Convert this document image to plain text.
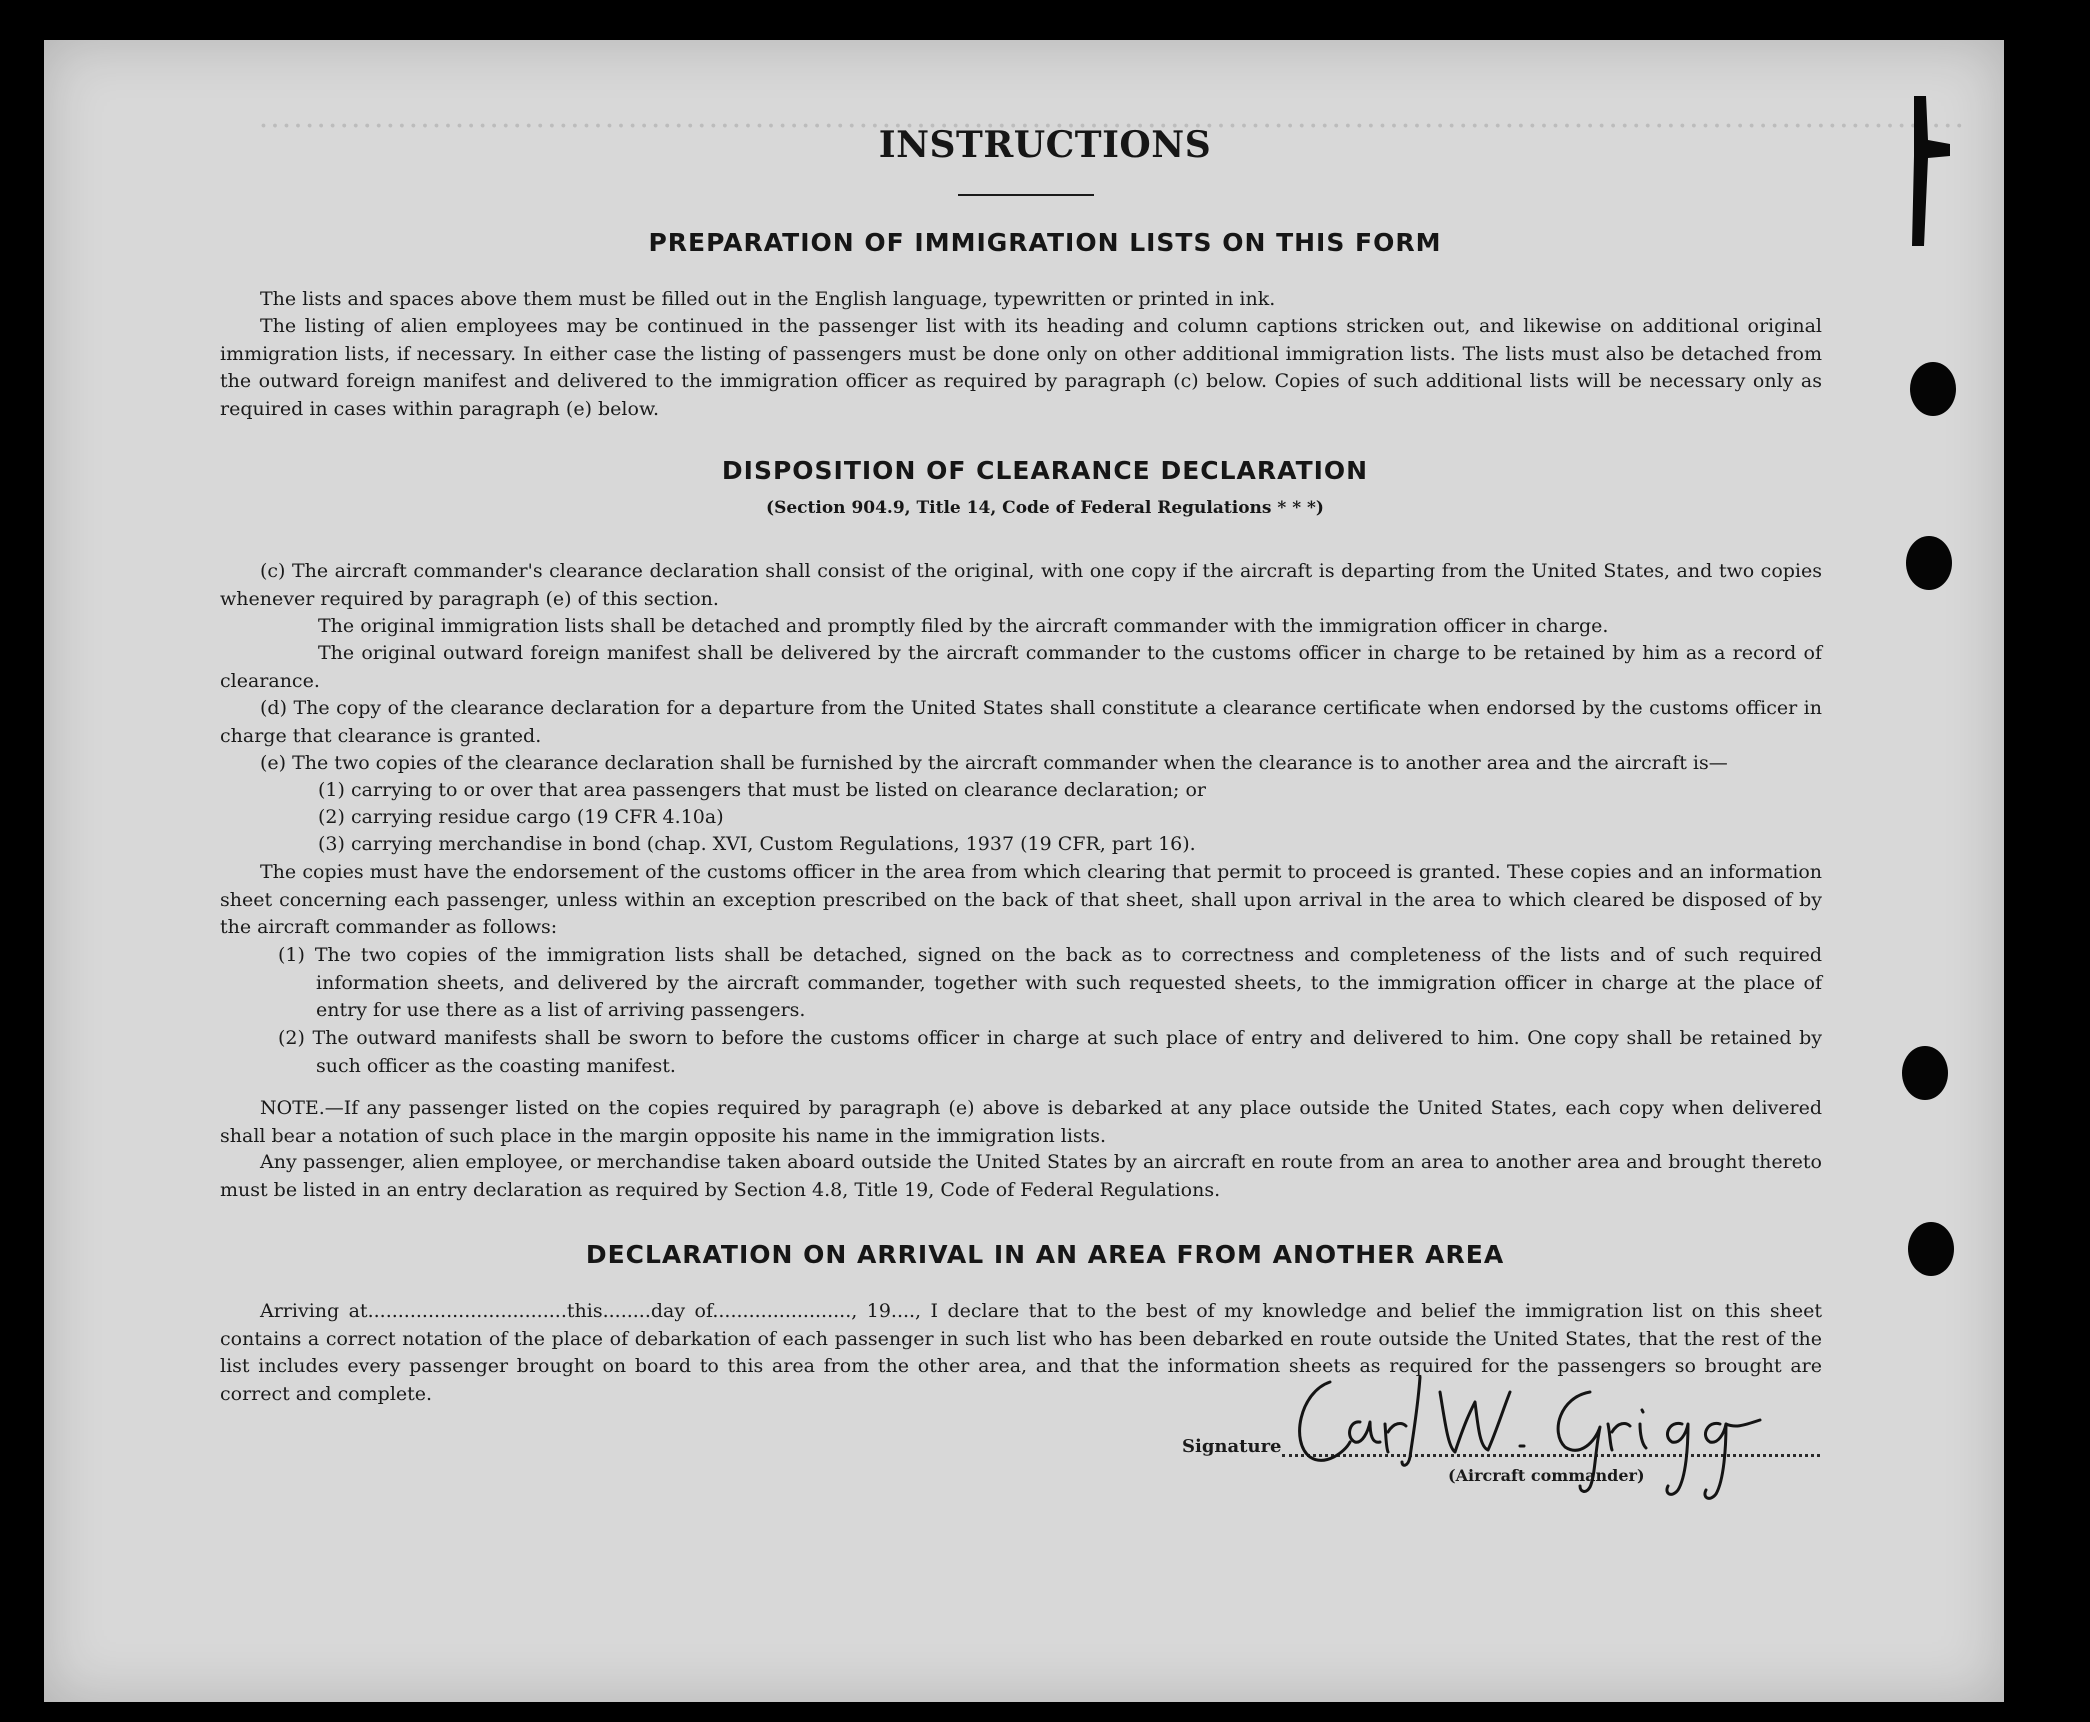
....................................................................................................................................................
INSTRUCTIONS
PREPARATION OF IMMIGRATION LISTS ON THIS FORM
The lists and spaces above them must be filled out in the English language, typewritten or printed in ink.
The listing of alien employees may be continued in the passenger list with its heading and column captions stricken out, and likewise on additional original immigration lists, if necessary. In either case the listing of passengers must be done only on other additional immigration lists. The lists must also be detached from the outward foreign manifest and delivered to the immigration officer as required by paragraph (c) below. Copies of such additional lists will be necessary only as required in cases within paragraph (e) below.
DISPOSITION OF CLEARANCE DECLARATION
(Section 904.9, Title 14, Code of Federal Regulations * * *)
(c) The aircraft commander's clearance declaration shall consist of the original, with one copy if the aircraft is departing from the United States, and two copies whenever required by paragraph (e) of this section.
The original immigration lists shall be detached and promptly filed by the aircraft commander with the immigration officer in charge.
The original outward foreign manifest shall be delivered by the aircraft commander to the customs officer in charge to be retained by him as a record of clearance.
(d) The copy of the clearance declaration for a departure from the United States shall constitute a clearance certificate when endorsed by the customs officer in charge that clearance is granted.
(e) The two copies of the clearance declaration shall be furnished by the aircraft commander when the clearance is to another area and the aircraft is—
(1) carrying to or over that area passengers that must be listed on clearance declaration; or
(2) carrying residue cargo (19 CFR 4.10a)
(3) carrying merchandise in bond (chap. XVI, Custom Regulations, 1937 (19 CFR, part 16).
The copies must have the endorsement of the customs officer in the area from which clearing that permit to proceed is granted. These copies and an information sheet concerning each passenger, unless within an exception prescribed on the back of that sheet, shall upon arrival in the area to which cleared be disposed of by the aircraft commander as follows:
(1) The two copies of the immigration lists shall be detached, signed on the back as to correctness and completeness of the lists and of such required information sheets, and delivered by the aircraft commander, together with such requested sheets, to the immigration officer in charge at the place of entry for use there as a list of arriving passengers.
(2) The outward manifests shall be sworn to before the customs officer in charge at such place of entry and delivered to him. One copy shall be retained by such officer as the coasting manifest.
NOTE.—If any passenger listed on the copies required by paragraph (e) above is debarked at any place outside the United States, each copy when delivered shall bear a notation of such place in the margin opposite his name in the immigration lists.
Any passenger, alien employee, or merchandise taken aboard outside the United States by an aircraft en route from an area to another area and brought thereto must be listed in an entry declaration as required by Section 4.8, Title 19, Code of Federal Regulations.
DECLARATION ON ARRIVAL IN AN AREA FROM ANOTHER AREA
Arriving at.................................this........day of......................., 19...., I declare that to the best of my knowledge and belief the immigration list on this sheet contains a correct notation of the place of debarkation of each passenger in such list who has been debarked en route outside the United States, that the rest of the list includes every passenger brought on board to this area from the other area, and that the information sheets as required for the passengers so brought are correct and complete.
Signature
(Aircraft commander)
